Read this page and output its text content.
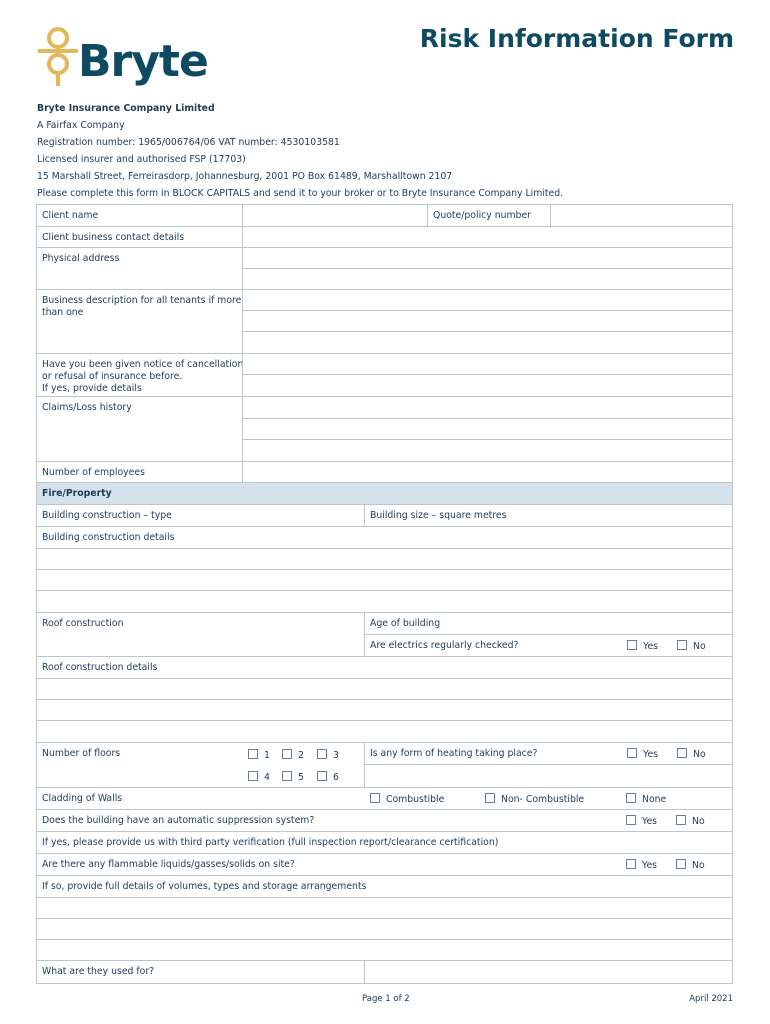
Bryte	Risk Information Form
Bryte Insurance Company Limited
A Fairfax Company
Registration number: 1965/006764/06 VAT number: 4530103581
Licensed insurer and authorised FSP (17703)
15 Marshall Street, Ferreirasdorp, Johannesburg, 2001 PO Box 61489, Marshalltown 2107
Please complete this form in BLOCK CAPITALS and send it to your broker or to Bryte Insurance Company Limited.
Client name	Quote/policy number
Client business contact details
Physical address
Business description for all tenants if more than one
Have you been given notice of cancellation
or refusal of insurance before.
If yes, provide details
Claims/Loss history
Number of employees
Fire/Property
Building construction – type	Building size – square metres
Building construction details
Roof construction	Age of building
Are electrics regularly checked?	Yes	No
Roof construction details
Number of floors	1	2	3
4	5	6
Is any form of heating taking place?	Yes	No
Cladding of Walls	Combustible	Non- Combustible	None
Does the building have an automatic suppression system?	Yes	No
If yes, please provide us with third party verification (full inspection report/clearance certification)
Are there any flammable liquids/gasses/solids on site?	Yes	No
If so, provide full details of volumes, types and storage arrangements
What are they used for?
Page 1 of 2	April 2021
